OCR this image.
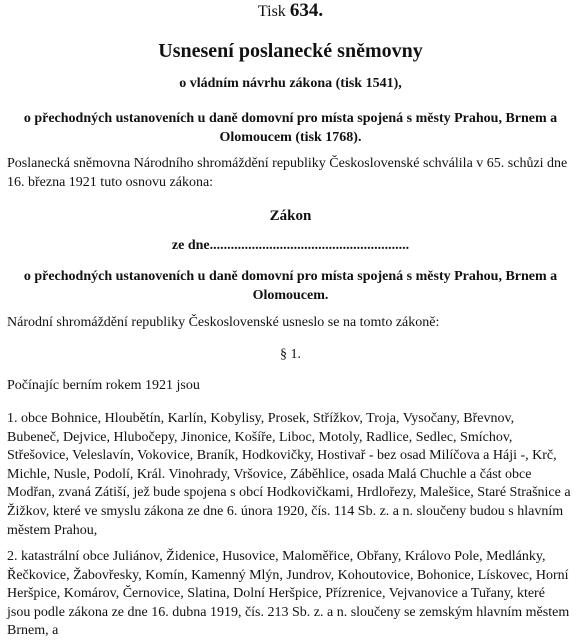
Tisk 634.
Usnesení poslanecké sněmovny
o vládním návrhu zákona (tisk 1541),
o přechodných ustanoveních u daně domovní pro místa spojená s městy Prahou, Brnem a
Olomoucem (tisk 1768).
Poslanecká sněmovna Národního shromáždění republiky Československé schválila v 65. schůzi dne
16. března 1921 tuto osnovu zákona:
Zákon
ze dne.........................................................
o přechodných ustanoveních u daně domovní pro místa spojená s městy Prahou, Brnem a
Olomoucem.
Národní shromáždění republiky Československé usneslo se na tomto zákoně:
§ 1.
Počínajíc berním rokem 1921 jsou
1. obce Bohnice, Hloubětín, Karlín, Kobylisy, Prosek, Střížkov, Troja, Vysočany, Břevnov,
Bubeneč, Dejvice, Hlubočepy, Jinonice, Košíře, Liboc, Motoly, Radlice, Sedlec, Smíchov,
Střešovice, Veleslavín, Vokovice, Braník, Hodkovičky, Hostivař - bez osad Milíčova a Háji -, Krč,
Michle, Nusle, Podolí, Král. Vinohrady, Vršovice, Záběhlice, osada Malá Chuchle a část obce
Modřan, zvaná Zátiší, jež bude spojena s obcí Hodkovičkami, Hrdlořezy, Malešice, Staré Strašnice a
Žižkov, které ve smyslu zákona ze dne 6. února 1920, čís. 114 Sb. z. a n. sloučeny budou s hlavním
městem Prahou,
2. katastrální obce Juliánov, Židenice, Husovice, Maloměřice, Obřany, Královo Pole, Medlánky,
Řečkovice, Žabovřesky, Komín, Kamenný Mlýn, Jundrov, Kohoutovice, Bohonice, Lískovec, Horní
Heršpice, Komárov, Černovice, Slatina, Dolní Heršpice, Přízrenice, Vejvanovice a Tuřany, které
jsou podle zákona ze dne 16. dubna 1919, čís. 213 Sb. z. a n. sloučeny se zemským hlavním městem
Brnem, a
